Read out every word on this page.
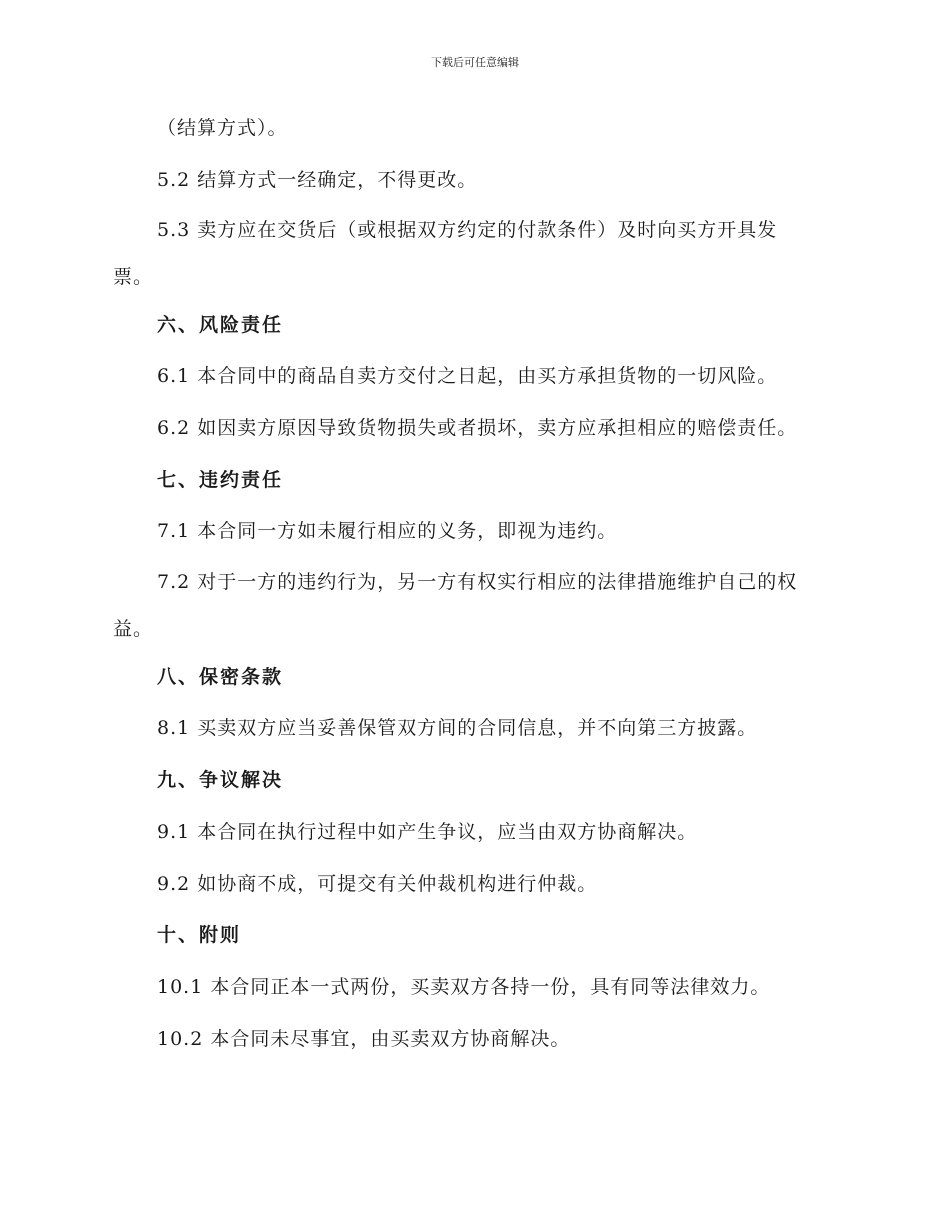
下载后可任意编辑
（结算方式）。
5.2 结算方式一经确定，不得更改。
5.3 卖方应在交货后（或根据双方约定的付款条件）及时向买方开具发
票。
六、风险责任
6.1 本合同中的商品自卖方交付之日起，由买方承担货物的一切风险。
6.2 如因卖方原因导致货物损失或者损坏，卖方应承担相应的赔偿责任。
七、违约责任
7.1 本合同一方如未履行相应的义务，即视为违约。
7.2 对于一方的违约行为，另一方有权实行相应的法律措施维护自己的权
益。
八、保密条款
8.1 买卖双方应当妥善保管双方间的合同信息，并不向第三方披露。
九、争议解决
9.1 本合同在执行过程中如产生争议，应当由双方协商解决。
9.2 如协商不成，可提交有关仲裁机构进行仲裁。
十、附则
10.1 本合同正本一式两份，买卖双方各持一份，具有同等法律效力。
10.2 本合同未尽事宜，由买卖双方协商解决。
